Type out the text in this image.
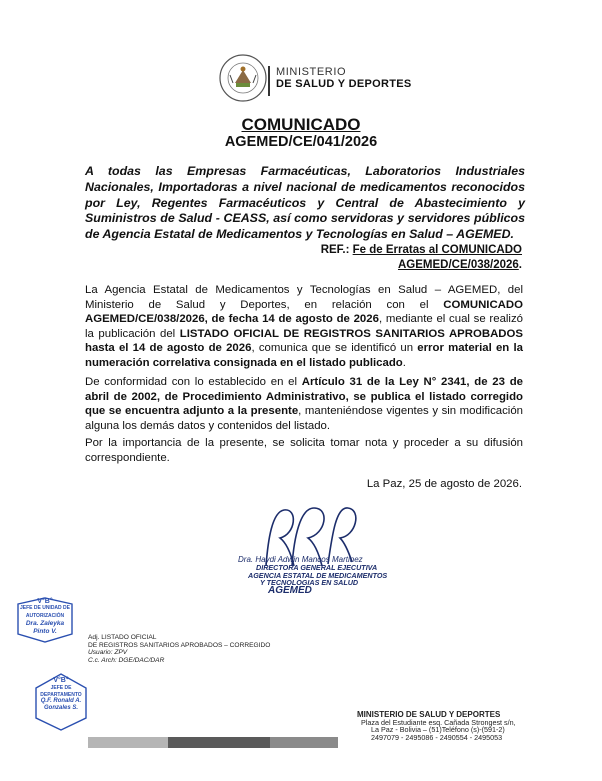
MINISTERIO
DE SALUD Y DEPORTES
COMUNICADO
AGEMED/CE/041/2026
A todas las Empresas Farmacéuticas, Laboratorios Industriales Nacionales, Importadoras a nivel nacional de medicamentos reconocidos por Ley, Regentes Farmacéuticos y Central de Abastecimiento y Suministros de Salud - CEASS, así como servidoras y servidores públicos de Agencia Estatal de Medicamentos y Tecnologías en Salud – AGEMED.
REF.: Fe de Erratas al COMUNICADO
AGEMED/CE/038/2026.
La Agencia Estatal de Medicamentos y Tecnologías en Salud – AGEMED, del Ministerio de Salud y Deportes, en relación con el COMUNICADO AGEMED/CE/038/2026, de fecha 14 de agosto de 2026, mediante el cual se realizó la publicación del LISTADO OFICIAL DE REGISTROS SANITARIOS APROBADOS hasta el 14 de agosto de 2026, comunica que se identificó un error material en la numeración correlativa consignada en el listado publicado.
De conformidad con lo establecido en el Artículo 31 de la Ley N° 2341, de 23 de abril de 2002, de Procedimiento Administrativo, se publica el listado corregido que se encuentra adjunto a la presente, manteniéndose vigentes y sin modificación alguna los demás datos y contenidos del listado.
Por la importancia de la presente, se solicita tomar nota y proceder a su difusión correspondiente.
La Paz, 25 de agosto de 2026.
Dra. Haydi Adwin Mancos Martinez
DIRECTORA GENERAL EJECUTIVA
AGENCIA ESTATAL DE MEDICAMENTOS
Y TECNOLOGIAS EN SALUD
AGEMED
V°B°
JEFE DE UNIDAD DE
AUTORIZACIÓN
Dra. Zaleyka
Pinto V.
Adj. LISTADO OFICIAL
DE REGISTROS SANITARIOS APROBADOS – CORREGIDO
Usuario: ZPV
C.c. Arch: DGE/DAC/DAR
V°B°
JEFE DE
DEPARTAMENTO
Q.F. Ronald A.
Gonzales S.
MINISTERIO DE SALUD Y DEPORTES
Plaza del Estudiante esq. Cañada Strongest s/n,
La Paz - Bolivia – (51)Teléfono (s)-(591-2)
2497079 - 2495086 - 2490554 - 2495053
